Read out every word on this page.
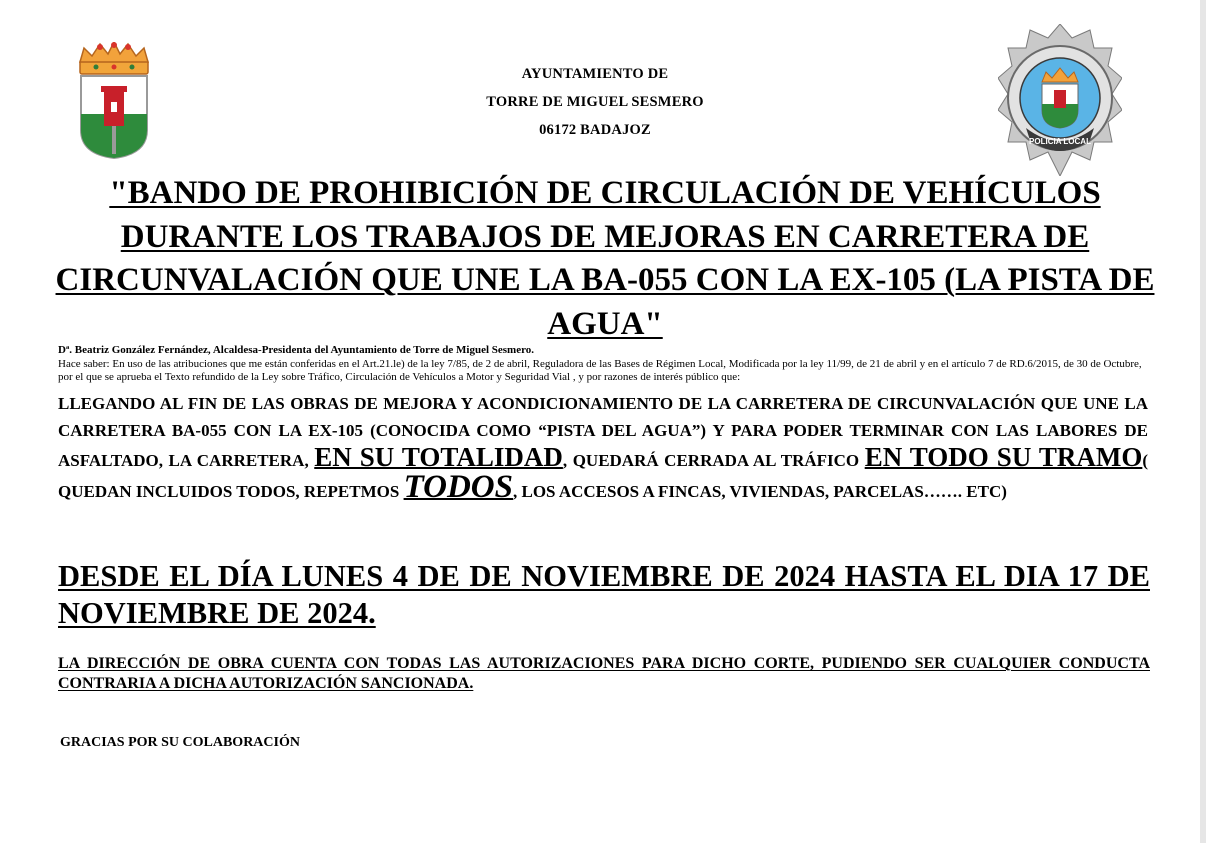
POLICIA LOCAL
AYUNTAMIENTO DE
TORRE DE MIGUEL SESMERO
06172 BADAJOZ
"BANDO DE PROHIBICIÓN DE CIRCULACIÓN DE VEHÍCULOS DURANTE LOS TRABAJOS DE MEJORAS EN CARRETERA DE CIRCUNVALACIÓN QUE UNE LA BA-055 CON LA EX-105 (LA PISTA DE AGUA"
Dª. Beatriz González Fernández, Alcaldesa-Presidenta del Ayuntamiento de Torre de Miguel Sesmero.
Hace saber: En uso de las atribuciones que me están conferidas en el Art.21.le) de la ley 7/85, de 2 de abril, Reguladora de las Bases de Régimen Local, Modificada por la ley 11/99, de 21 de abril y en el artículo 7 de RD.6/2015, de 30 de Octubre, por el que se aprueba el Texto refundido de la Ley sobre Tráfico, Circulación de Vehículos a Motor y Seguridad Vial , y por razones de interés público que:
LLEGANDO AL FIN DE LAS OBRAS DE MEJORA Y ACONDICIONAMIENTO DE LA CARRETERA DE CIRCUNVALACIÓN QUE UNE LA CARRETERA BA-055 CON LA EX-105 (CONOCIDA COMO “PISTA DEL AGUA”) Y PARA PODER TERMINAR CON LAS LABORES DE ASFALTADO, LA CARRETERA, EN SU TOTALIDAD, QUEDARÁ CERRADA AL TRÁFICO EN TODO SU TRAMO( QUEDAN INCLUIDOS TODOS, REPETMOS TODOS, LOS ACCESOS A FINCAS, VIVIENDAS, PARCELAS……. ETC)
DESDE EL DÍA LUNES 4 DE DE NOVIEMBRE DE 2024 HASTA EL DIA 17 DE NOVIEMBRE DE 2024.
LA DIRECCIÓN DE OBRA CUENTA CON TODAS LAS AUTORIZACIONES PARA DICHO CORTE, PUDIENDO SER CUALQUIER CONDUCTA CONTRARIA A DICHA AUTORIZACIÓN SANCIONADA.
GRACIAS POR SU COLABORACIÓN
